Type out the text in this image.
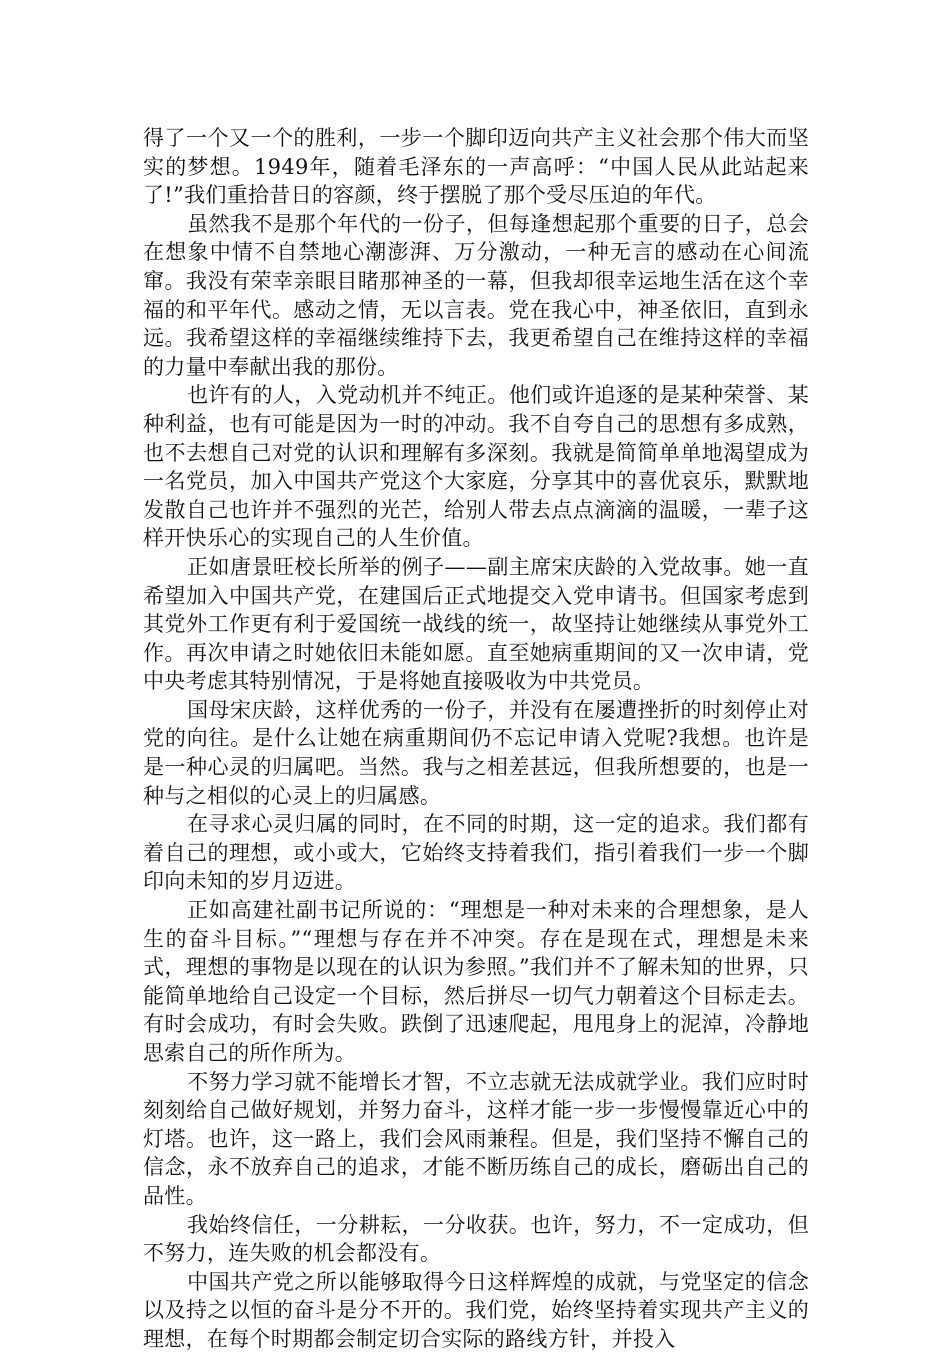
得了一个又一个的胜利，一步一个脚印迈向共产主义社会那个伟大而坚实的梦想。1949年，随着毛泽东的一声高呼：“中国人民从此站起来了!”我们重拾昔日的容颜，终于摆脱了那个受尽压迫的年代。

虽然我不是那个年代的一份子，但每逢想起那个重要的日子，总会在想象中情不自禁地心潮澎湃、万分激动，一种无言的感动在心间流窜。我没有荣幸亲眼目睹那神圣的一幕，但我却很幸运地生活在这个幸福的和平年代。感动之情，无以言表。党在我心中，神圣依旧，直到永远。我希望这样的幸福继续维持下去，我更希望自己在维持这样的幸福的力量中奉献出我的那份。

也许有的人，入党动机并不纯正。他们或许追逐的是某种荣誉、某种利益，也有可能是因为一时的冲动。我不自夸自己的思想有多成熟，也不去想自己对党的认识和理解有多深刻。我就是简简单单地渴望成为一名党员，加入中国共产党这个大家庭，分享其中的喜优哀乐，默默地发散自己也许并不强烈的光芒，给别人带去点点滴滴的温暖，一辈子这样开快乐心的实现自己的人生价值。

正如唐景旺校长所举的例子——副主席宋庆龄的入党故事。她一直希望加入中国共产党，在建国后正式地提交入党申请书。但国家考虑到其党外工作更有利于爱国统一战线的统一，故坚持让她继续从事党外工作。再次申请之时她依旧未能如愿。直至她病重期间的又一次申请，党中央考虑其特别情况，于是将她直接吸收为中共党员。

国母宋庆龄，这样优秀的一份子，并没有在屡遭挫折的时刻停止对党的向往。是什么让她在病重期间仍不忘记申请入党呢?我想。也许是是一种心灵的归属吧。当然。我与之相差甚远，但我所想要的，也是一种与之相似的心灵上的归属感。

在寻求心灵归属的同时，在不同的时期，这一定的追求。我们都有着自己的理想，或小或大，它始终支持着我们，指引着我们一步一个脚印向未知的岁月迈进。

正如高建社副书记所说的：“理想是一种对未来的合理想象，是人生的奋斗目标。”“理想与存在并不冲突。存在是现在式，理想是未来式，理想的事物是以现在的认识为参照。”我们并不了解未知的世界，只能简单地给自己设定一个目标，然后拼尽一切气力朝着这个目标走去。有时会成功，有时会失败。跌倒了迅速爬起，甩甩身上的泥淖，冷静地思索自己的所作所为。

不努力学习就不能增长才智，不立志就无法成就学业。我们应时时刻刻给自己做好规划，并努力奋斗，这样才能一步一步慢慢靠近心中的灯塔。也许，这一路上，我们会风雨兼程。但是，我们坚持不懈自己的信念，永不放弃自己的追求，才能不断历练自己的成长，磨砺出自己的品性。

我始终信任，一分耕耘，一分收获。也许，努力，不一定成功，但不努力，连失败的机会都没有。

中国共产党之所以能够取得今日这样辉煌的成就，与党坚定的信念以及持之以恒的奋斗是分不开的。我们党，始终坚持着实现共产主义的理想，在每个时期都会制定切合实际的路线方针，并投入
